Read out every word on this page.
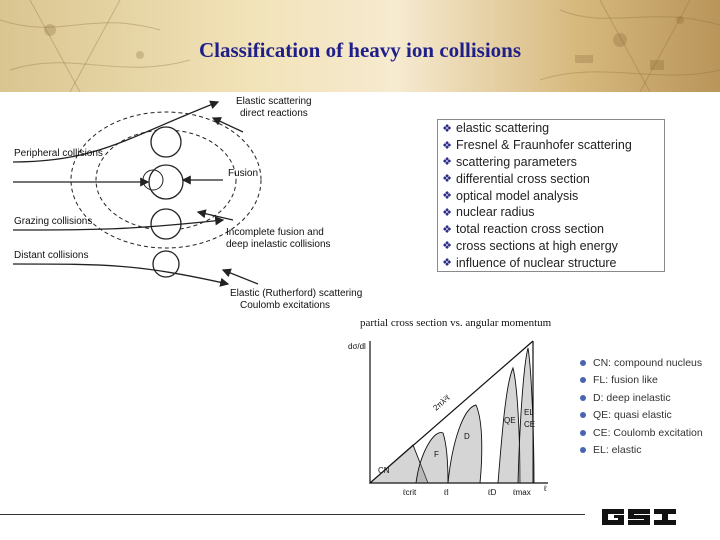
Classification of heavy ion collisions
Elastic scattering
direct reactions
Peripheral collisions
Fusion
Grazing collisions
Incomplete fusion and
deep inelastic collisions
Distant collisions
Elastic (Rutherford) scattering
Coulomb excitations
❖ elastic scattering
❖ Fresnel & Fraunhofer scattering
❖ scattering parameters
❖ differential cross section
❖ optical model analysis
❖ nuclear radius
❖ total reaction cross section
❖ cross sections at high energy
❖ influence of nuclear structure
partial cross section vs. angular momentum
dσ/dl
ℓ
2πλ²ℓ
CN
F
D
QE
EL
CE
ℓcrit	ℓI	ℓD ℓmax
CN: compound nucleus
FL: fusion like
D: deep inelastic
QE: quasi elastic
CE: Coulomb excitation
EL: elastic
